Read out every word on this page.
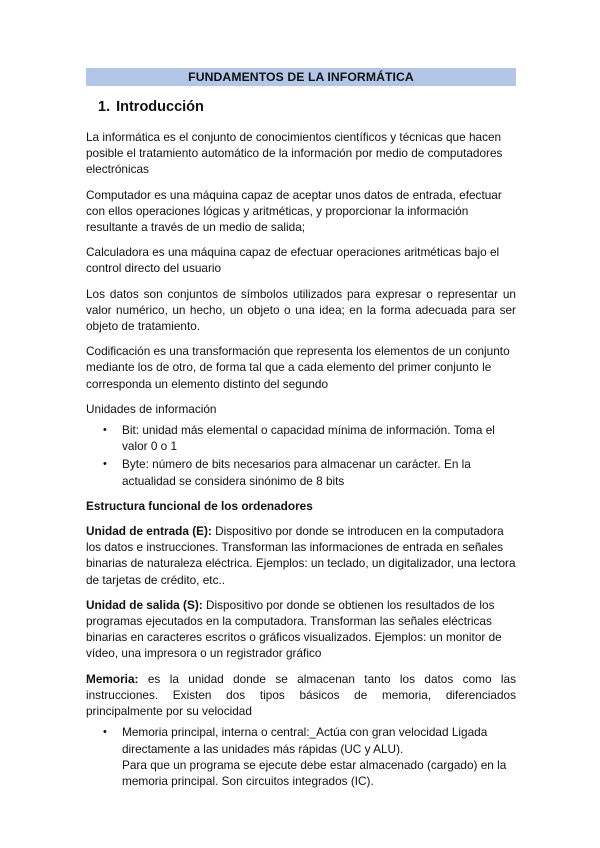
FUNDAMENTOS DE LA INFORMÁTICA
1. Introducción

La informática es el conjunto de conocimientos científicos y técnicas que hacen posible el tratamiento automático de la información por medio de computadores electrónicas

Computador es una máquina capaz de aceptar unos datos de entrada, efectuar con ellos operaciones lógicas y aritméticas, y proporcionar la información resultante a través de un medio de salida;

Calculadora es una máquina capaz de efectuar operaciones aritméticas bajo el control directo del usuario

Los datos son conjuntos de símbolos utilizados para expresar o representar un valor numérico, un hecho, un objeto o una idea; en la forma adecuada para ser objeto de tratamiento.

Codificación es una transformación que representa los elementos de un conjunto mediante los de otro, de forma tal que a cada elemento del primer conjunto le corresponda un elemento distinto del segundo

Unidades de información

• Bit: unidad más elemental o capacidad mínima de información. Toma el valor 0 o 1
• Byte: número de bits necesarios para almacenar un carácter. En la actualidad se considera sinónimo de 8 bits

Estructura funcional de los ordenadores

Unidad de entrada (E): Dispositivo por donde se introducen en la computadora los datos e instrucciones. Transforman las informaciones de entrada en señales binarias de naturaleza eléctrica. Ejemplos: un teclado, un digitalizador, una lectora de tarjetas de crédito, etc..

Unidad de salida (S): Dispositivo por donde se obtienen los resultados de los programas ejecutados en la computadora. Transforman las señales eléctricas binarias en caracteres escritos o gráficos visualizados. Ejemplos: un monitor de vídeo, una impresora o un registrador gráfico

Memoria: es la unidad donde se almacenan tanto los datos como las instrucciones. Existen dos tipos básicos de memoria, diferenciados principalmente por su velocidad

• Memoria principal, interna o central:_Actúa con gran velocidad Ligada directamente a las unidades más rápidas (UC y ALU).
Para que un programa se ejecute debe estar almacenado (cargado) en la memoria principal. Son circuitos integrados (IC).
